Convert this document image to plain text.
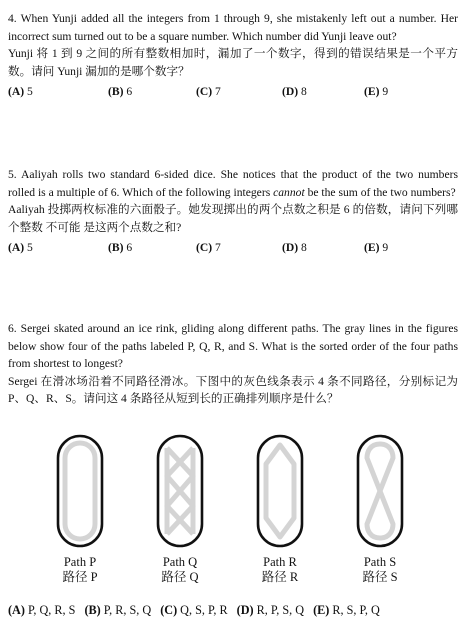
4. When Yunji added all the integers from 1 through 9, she mistakenly left out a number. Her incorrect sum turned out to be a square number. Which number did Yunji leave out?

Yunji 将 1 到 9 之间的所有整数相加时，漏加了一个数字，得到的错误结果是一个平方数。请问 Yunji 漏加的是哪个数字？

(A) 5	(B) 6	(C) 7	(D) 8	(E) 9

5. Aaliyah rolls two standard 6-sided dice. She notices that the product of the two numbers rolled is a multiple of 6. Which of the following integers cannot be the sum of the two numbers?

Aaliyah 投掷两枚标准的六面骰子。她发现掷出的两个点数之积是 6 的倍数，请问下列哪个整数 不可能 是这两个点数之和?

(A) 5	(B) 6	(C) 7	(D) 8	(E) 9

6. Sergei skated around an ice rink, gliding along different paths. The gray lines in the figures below show four of the paths labeled P, Q, R, and S. What is the sorted order of the four paths from shortest to longest?

Sergei 在滑冰场沿着不同路径滑冰。下图中的灰色线条表示 4 条不同路径，分别标记为 P、Q、R、S。请问这 4 条路径从短到长的正确排列顺序是什么？

Path P
路径 P
Path Q
路径 Q
Path R
路径 R
Path S
路径 S
(A) P, Q, R, S (B) P, R, S, Q (C) Q, S, P, R (D) R, P, S, Q (E) R, S, P, Q
